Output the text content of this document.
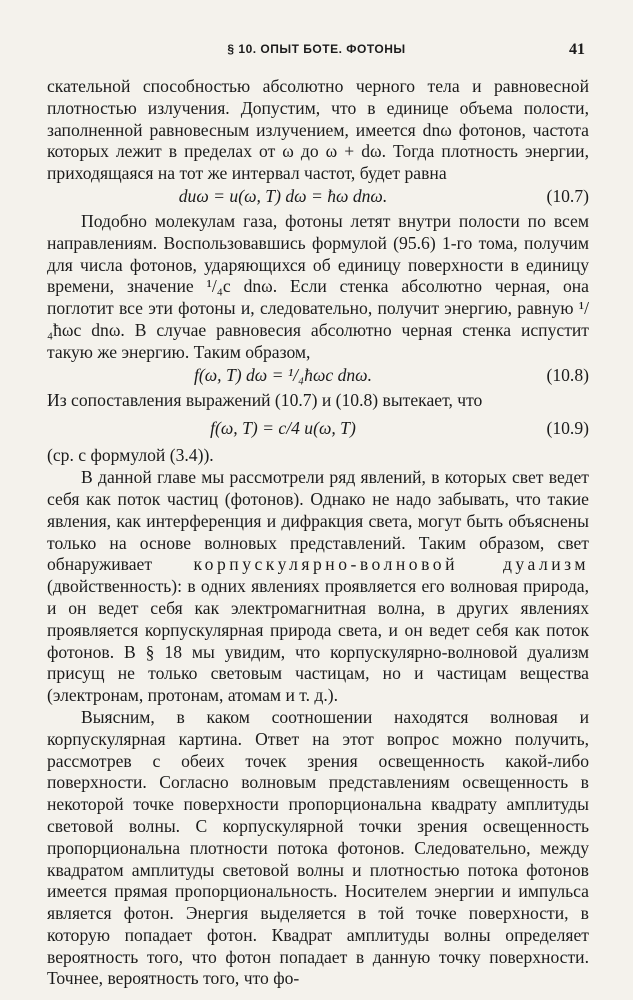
§ 10. ОПЫТ БОТЕ. ФОТОНЫ	41

скательной способностью абсолютно черного тела и равновесной плотностью излучения. Допустим, что в единице объема полости, заполненной равновесным излучением, имеется dnω фотонов, частота которых лежит в пределах от ω до ω + dω. Тогда плотность энергии, приходящаяся на тот же интервал частот, будет равна

duω = u(ω, T) dω = ħω dnω.	(10.7)

Подобно молекулам газа, фотоны летят внутри полости по всем направлениям. Воспользовавшись формулой (95.6) 1-го тома, получим для числа фотонов, ударяющихся об единицу поверхности в единицу времени, значение ¹/₄c dnω. Если стенка абсолютно черная, она поглотит все эти фотоны и, следовательно, получит энергию, равную ¹/₄ħωc dnω. В случае равновесия абсолютно черная стенка испустит такую же энергию. Таким образом,

f(ω, T) dω = ¹/₄ħωc dnω.	(10.8)

Из сопоставления выражений (10.7) и (10.8) вытекает, что

f(ω, T) = c/4 u(ω, T)	(10.9)

(ср. с формулой (3.4)).

В данной главе мы рассмотрели ряд явлений, в которых свет ведет себя как поток частиц (фотонов). Однако не надо забывать, что такие явления, как интерференция и дифракция света, могут быть объяснены только на основе волновых представлений. Таким образом, свет обнаруживает корпускулярно-волновой дуализм (двойственность): в одних явлениях проявляется его волновая природа, и он ведет себя как электромагнитная волна, в других явлениях проявляется корпускулярная природа света, и он ведет себя как поток фотонов. В § 18 мы увидим, что корпускулярно-волновой дуализм присущ не только световым частицам, но и частицам вещества (электронам, протонам, атомам и т. д.).

Выясним, в каком соотношении находятся волновая и корпускулярная картина. Ответ на этот вопрос можно получить, рассмотрев с обеих точек зрения освещенность какой-либо поверхности. Согласно волновым представлениям освещенность в некоторой точке поверхности пропорциональна квадрату амплитуды световой волны. С корпускулярной точки зрения освещенность пропорциональна плотности потока фотонов. Следовательно, между квадратом амплитуды световой волны и плотностью потока фотонов имеется прямая пропорциональность. Носителем энергии и импульса является фотон. Энергия выделяется в той точке поверхности, в которую попадает фотон. Квадрат амплитуды волны определяет вероятность того, что фотон попадает в данную точку поверхности. Точнее, вероятность того, что фо-
